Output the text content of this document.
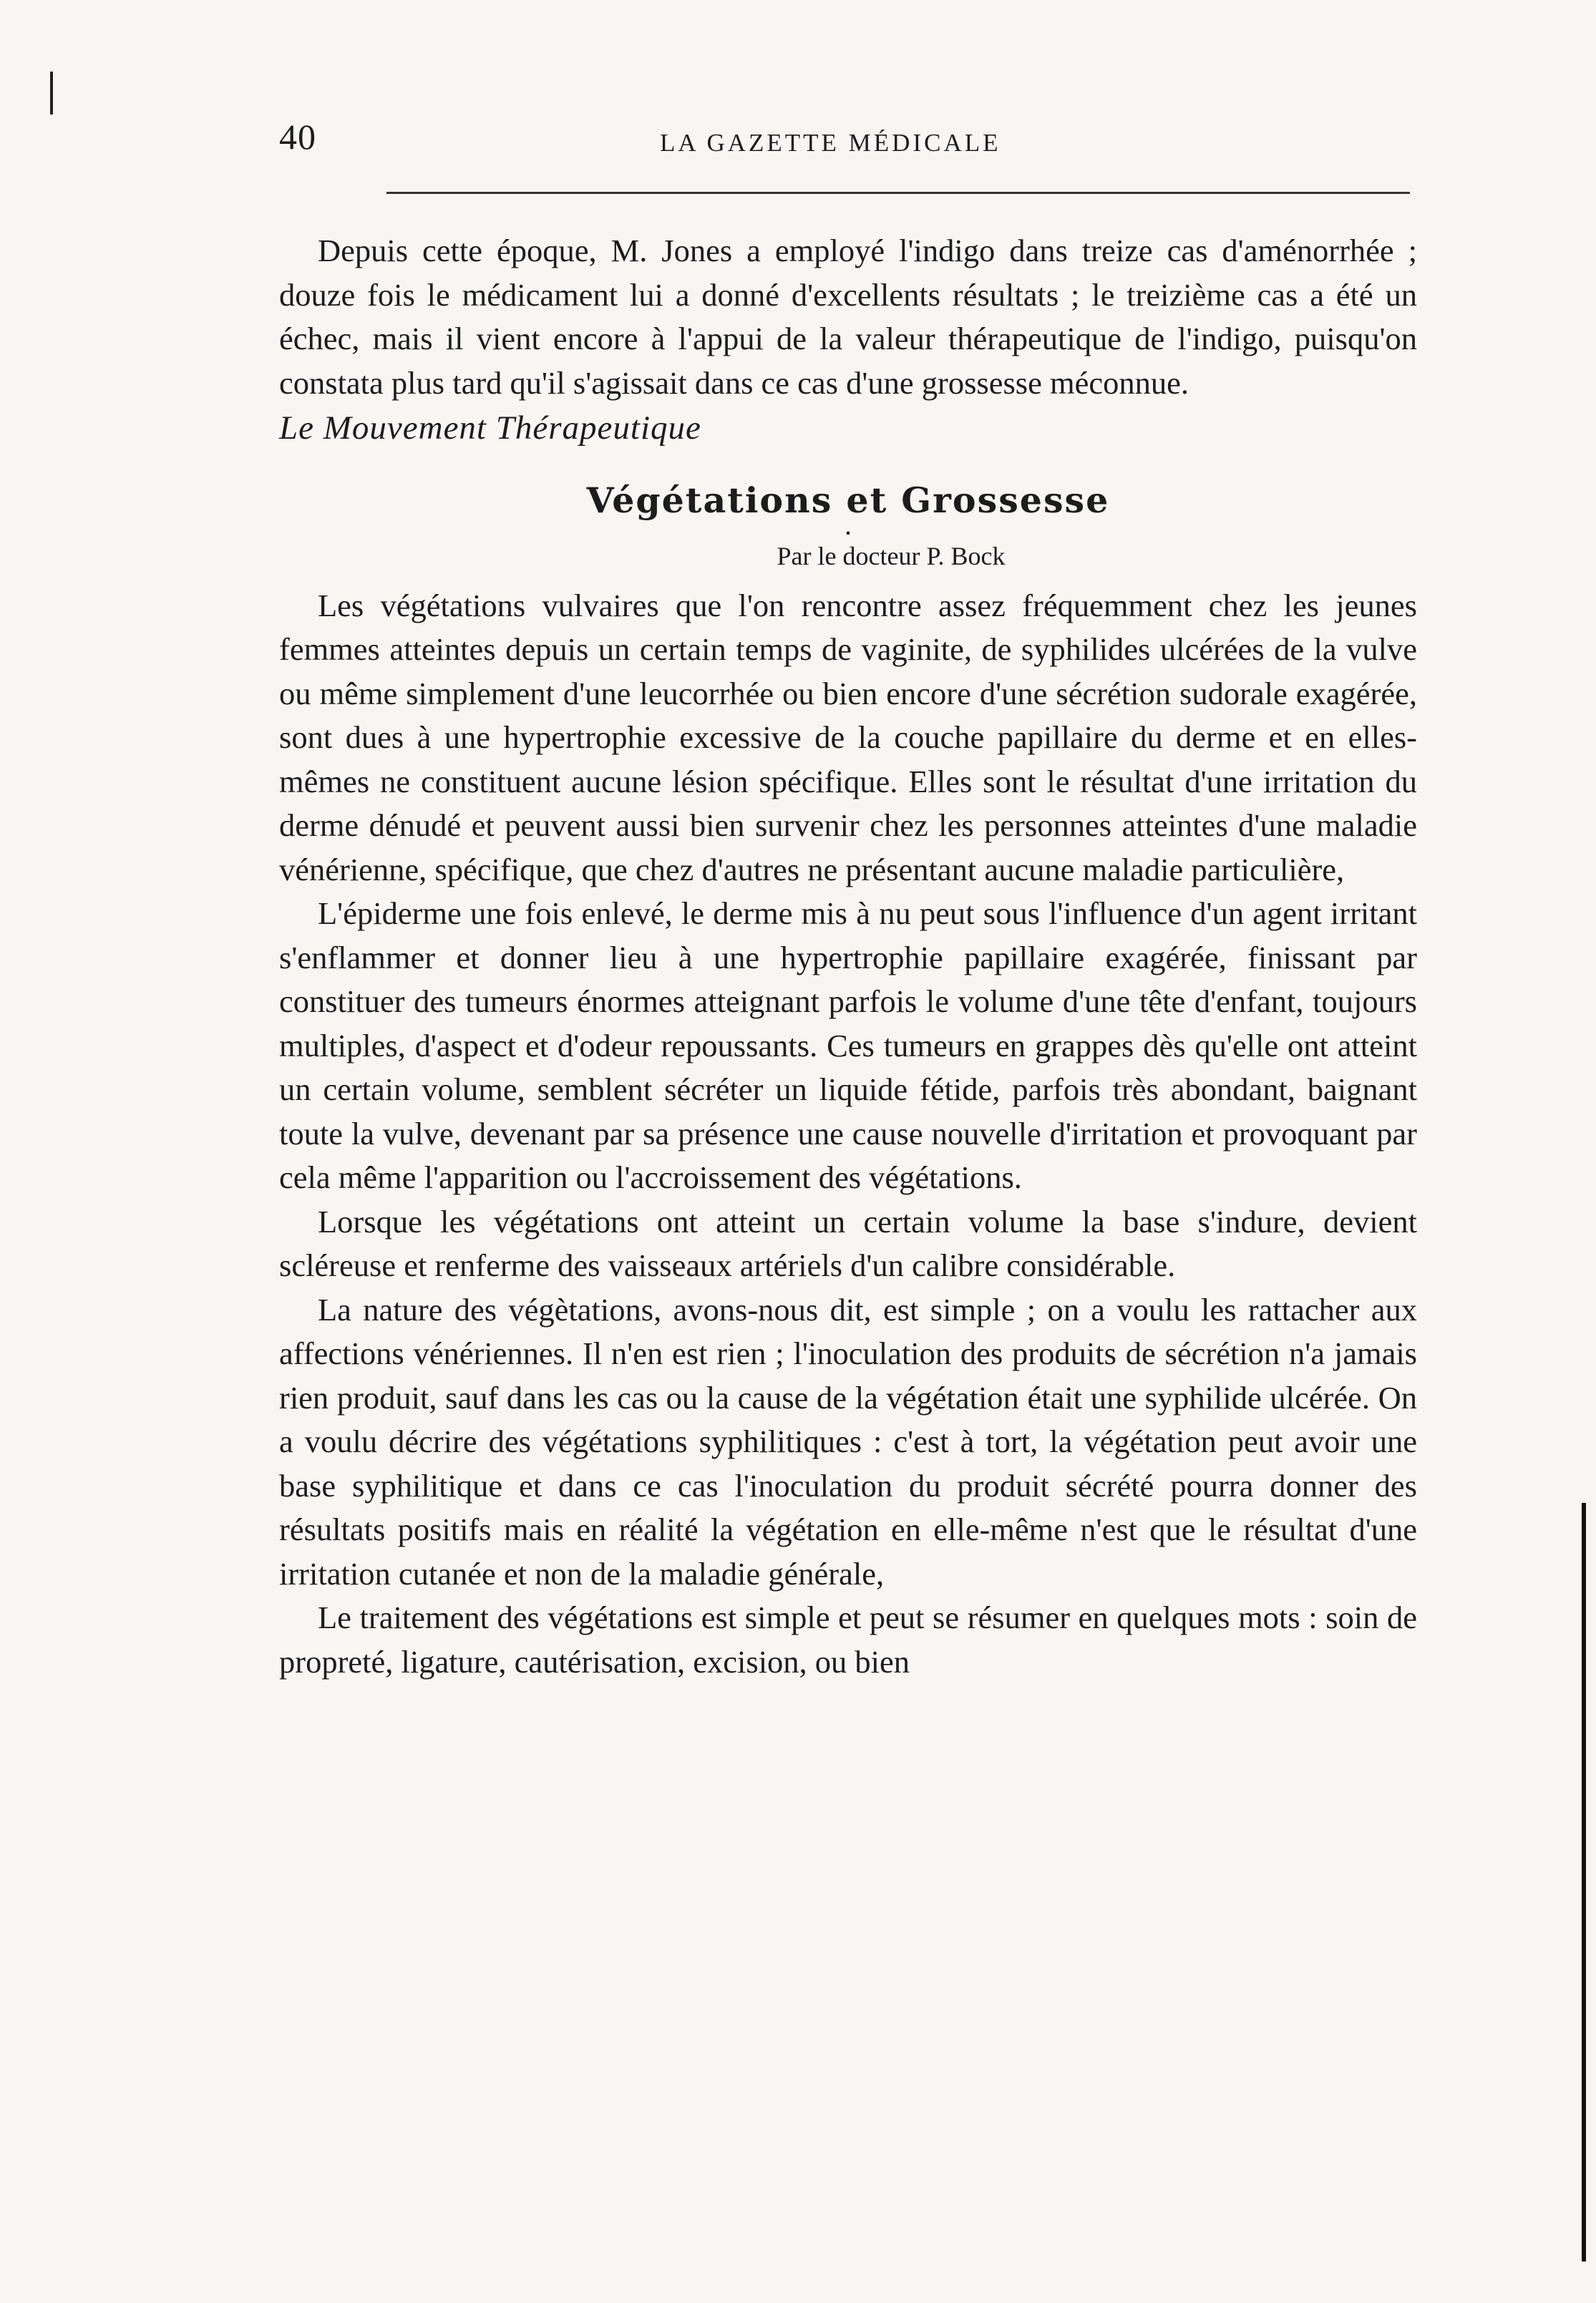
40	LA GAZETTE MÉDICALE

Depuis cette époque, M. Jones a employé l'indigo dans treize cas d'aménorrhée ; douze fois le médicament lui a donné d'excellents résultats ; le treizième cas a été un échec, mais il vient encore à l'appui de la valeur thérapeutique de l'indigo, puisqu'on constata plus tard qu'il s'agissait dans ce cas d'une grossesse méconnue.

Le Mouvement Thérapeutique

Végétations et Grossesse
•
Par le docteur P. Bock

Les végétations vulvaires que l'on rencontre assez fréquemment chez les jeunes femmes atteintes depuis un certain temps de vaginite, de syphilides ulcérées de la vulve ou même simplement d'une leucorrhée ou bien encore d'une sécrétion sudorale exagérée, sont dues à une hypertrophie excessive de la couche papillaire du derme et en elles-mêmes ne constituent aucune lésion spécifique. Elles sont le résultat d'une irritation du derme dénudé et peuvent aussi bien survenir chez les personnes atteintes d'une maladie vénérienne, spécifique, que chez d'autres ne présentant aucune maladie particulière,

L'épiderme une fois enlevé, le derme mis à nu peut sous l'influence d'un agent irritant s'enflammer et donner lieu à une hypertrophie papillaire exagérée, finissant par constituer des tumeurs énormes atteignant parfois le volume d'une tête d'enfant, toujours multiples, d'aspect et d'odeur repoussants. Ces tumeurs en grappes dès qu'elle ont atteint un certain volume, semblent sécréter un liquide fétide, parfois très abondant, baignant toute la vulve, devenant par sa présence une cause nouvelle d'irritation et provoquant par cela même l'apparition ou l'accroissement des végétations.

Lorsque les végétations ont atteint un certain volume la base s'indure, devient scléreuse et renferme des vaisseaux artériels d'un calibre considérable.

La nature des végètations, avons-nous dit, est simple ; on a voulu les rattacher aux affections vénériennes. Il n'en est rien ; l'inoculation des produits de sécrétion n'a jamais rien produit, sauf dans les cas ou la cause de la végétation était une syphilide ulcérée. On a voulu décrire des végétations syphilitiques : c'est à tort, la végétation peut avoir une base syphilitique et dans ce cas l'inoculation du produit sécrété pourra donner des résultats positifs mais en réalité la végétation en elle-même n'est que le résultat d'une irritation cutanée et non de la maladie générale,

Le traitement des végétations est simple et peut se résumer en quelques mots : soin de propreté, ligature, cautérisation, excision, ou bien
